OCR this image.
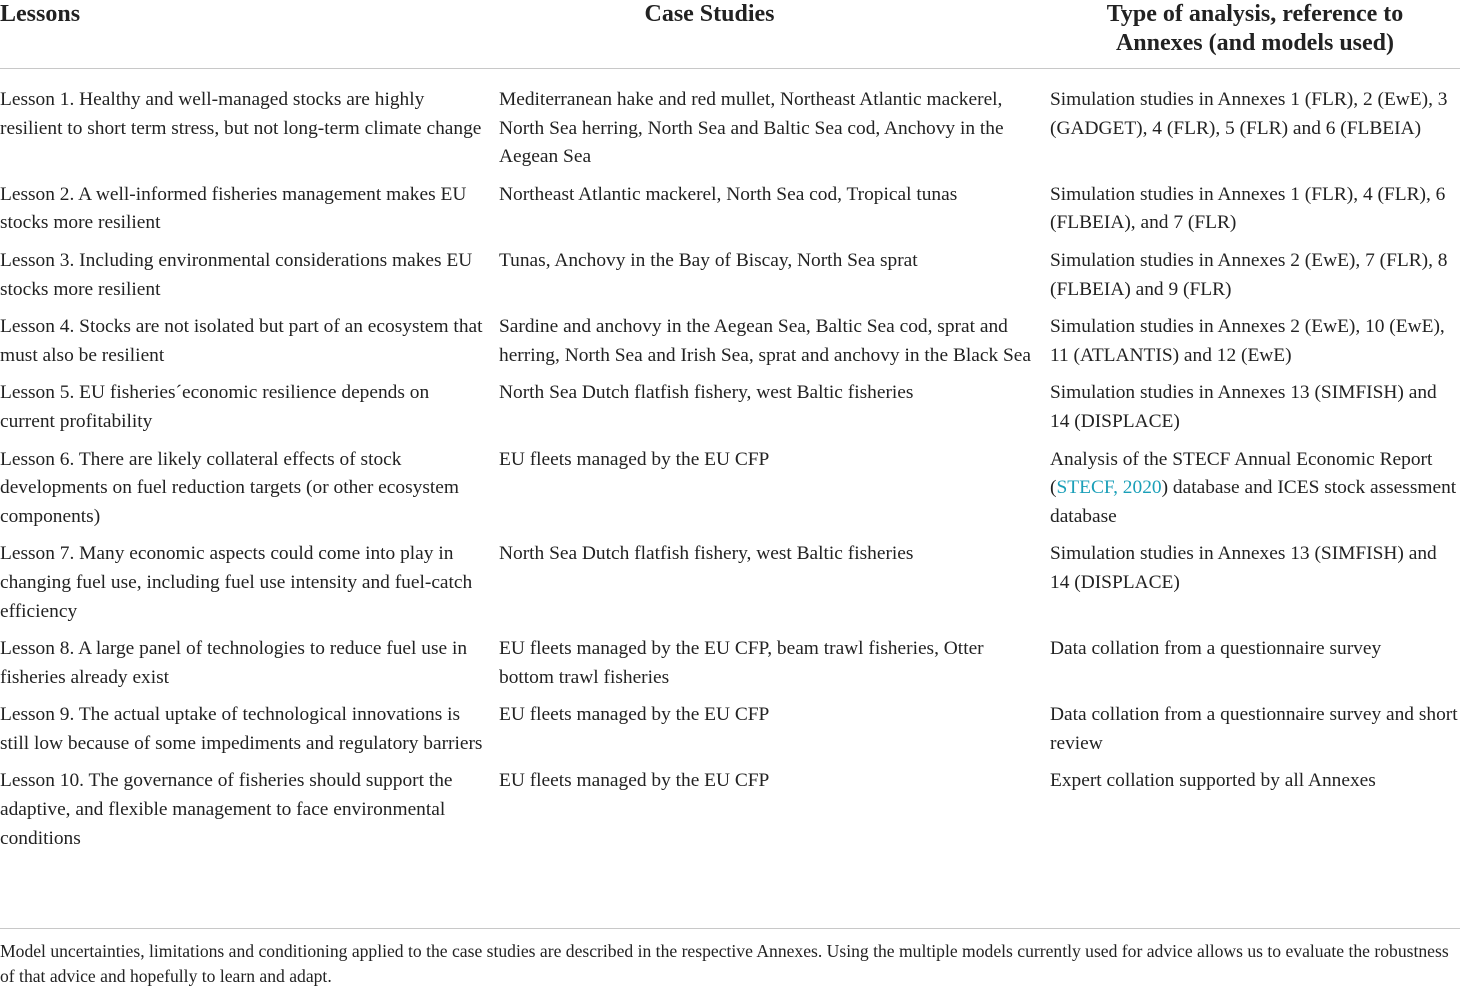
Lessons	Case Studies	Type of analysis, reference to
Annexes (and models used)
Lesson 1. Healthy and well-managed stocks are highly resilient to short term stress, but not long-term climate change	Mediterranean hake and red mullet, Northeast Atlantic mackerel, North Sea herring, North Sea and Baltic Sea cod, Anchovy in the Aegean Sea	Simulation studies in Annexes 1 (FLR), 2 (EwE), 3 (GADGET), 4 (FLR), 5 (FLR) and 6 (FLBEIA)
Lesson 2. A well-informed fisheries management makes EU stocks more resilient	Northeast Atlantic mackerel, North Sea cod, Tropical tunas	Simulation studies in Annexes 1 (FLR), 4 (FLR), 6 (FLBEIA), and 7 (FLR)
Lesson 3. Including environmental considerations makes EU stocks more resilient	Tunas, Anchovy in the Bay of Biscay, North Sea sprat	Simulation studies in Annexes 2 (EwE), 7 (FLR), 8 (FLBEIA) and 9 (FLR)
Lesson 4. Stocks are not isolated but part of an ecosystem that must also be resilient	Sardine and anchovy in the Aegean Sea, Baltic Sea cod, sprat and herring, North Sea and Irish Sea, sprat and anchovy in the Black Sea	Simulation studies in Annexes 2 (EwE), 10 (EwE), 11 (ATLANTIS) and 12 (EwE)
Lesson 5. EU fisheries´economic resilience depends on current profitability	North Sea Dutch flatfish fishery, west Baltic fisheries	Simulation studies in Annexes 13 (SIMFISH) and 14 (DISPLACE)
Lesson 6. There are likely collateral effects of stock developments on fuel reduction targets (or other ecosystem components)	EU fleets managed by the EU CFP	Analysis of the STECF Annual Economic Report (STECF, 2020) database and ICES stock assessment database
Lesson 7. Many economic aspects could come into play in changing fuel use, including fuel use intensity and fuel-catch efficiency	North Sea Dutch flatfish fishery, west Baltic fisheries	Simulation studies in Annexes 13 (SIMFISH) and 14 (DISPLACE)
Lesson 8. A large panel of technologies to reduce fuel use in fisheries already exist	EU fleets managed by the EU CFP, beam trawl fisheries, Otter bottom trawl fisheries	Data collation from a questionnaire survey
Lesson 9. The actual uptake of technological innovations is still low because of some impediments and regulatory barriers	EU fleets managed by the EU CFP	Data collation from a questionnaire survey and short review
Lesson 10. The governance of fisheries should support the adaptive, and flexible management to face environmental conditions	EU fleets managed by the EU CFP	Expert collation supported by all Annexes
Model uncertainties, limitations and conditioning applied to the case studies are described in the respective Annexes. Using the multiple models currently used for advice allows us to evaluate the robustness of that advice and hopefully to learn and adapt.
